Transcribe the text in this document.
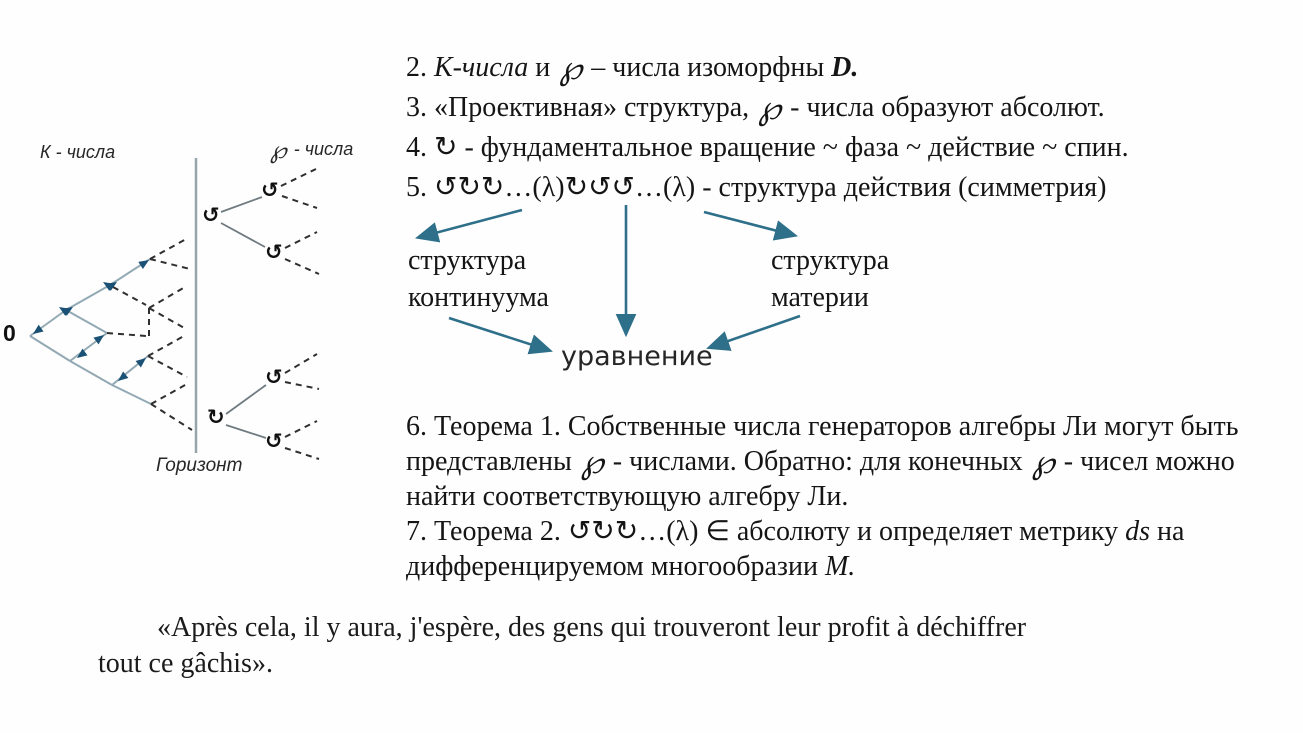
↺
↺
↺
↻
↺
↺
К - числа	℘ - числа
0
Горизонт
2. К-числа и ℘ – числа изоморфны D.
3. «Проективная» структура, ℘ - числа образуют абсолют.
4. ↻ - фундаментальное вращение ~ фаза ~ действие ~ спин.
5. ↺↻↻…(λ)↻↺↺…(λ) - структура действия (симметрия)
структура
континуума
структура
материи
уравнение
6. Теорема 1. Собственные числа генераторов алгебры Ли могут быть
представлены ℘ - числами. Обратно: для конечных ℘ - чисел можно
найти соответствующую алгебру Ли.
7. Теорема 2. ↺↻↻…(λ) ∈ абсолюту и определяет метрику ds на
дифференцируемом многообразии M.
«Après cela, il y aura, j'espère, des gens qui trouveront leur profit à déchiffrer
tout ce gâchis».
